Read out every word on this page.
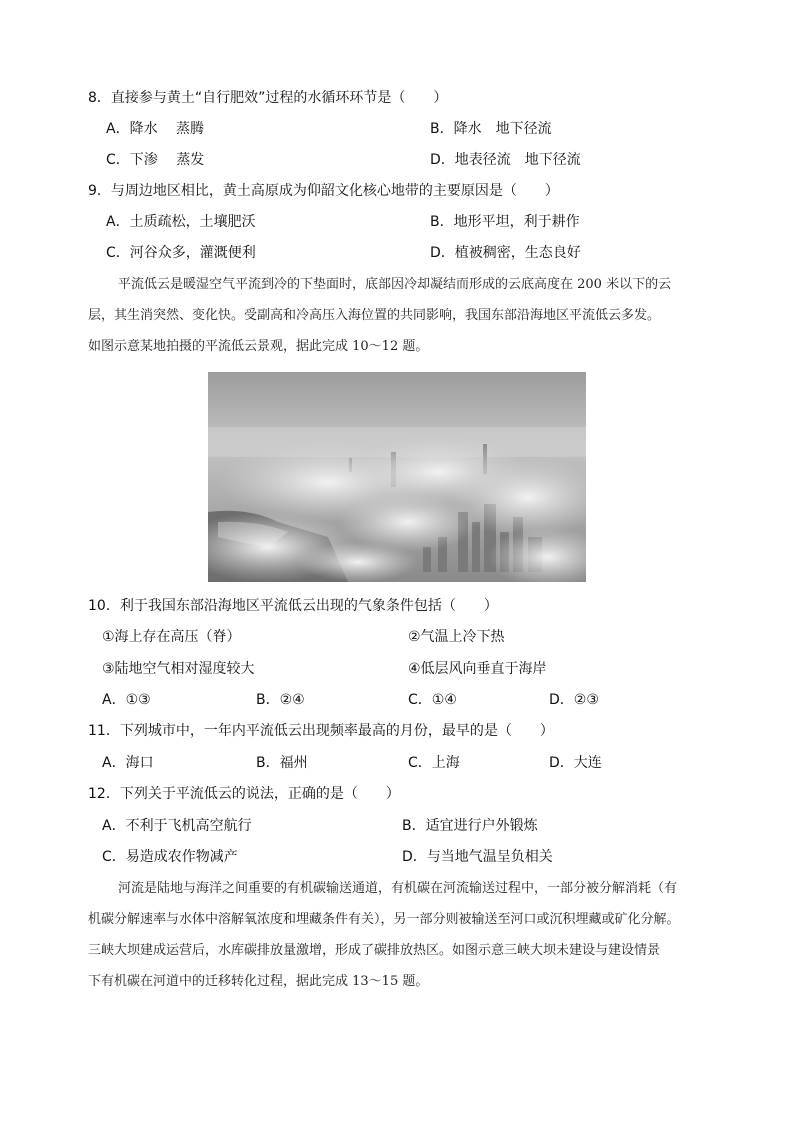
8．直接参与黄土“自行肥效”过程的水循环环节是（　　）
A．降水　 蒸腾	B．降水　地下径流
C．下渗　 蒸发	D．地表径流　地下径流
9．与周边地区相比，黄土高原成为仰韶文化核心地带的主要原因是（　　）
A．土质疏松，土壤肥沃	B．地形平坦，利于耕作
C．河谷众多，灌溉便利	D．植被稠密，生态良好
平流低云是暖湿空气平流到冷的下垫面时，底部因冷却凝结而形成的云底高度在 200 米以下的云
层，其生消突然、变化快。受副高和冷高压入海位置的共同影响，我国东部沿海地区平流低云多发。
如图示意某地拍摄的平流低云景观，据此完成 10～12 题。
10．利于我国东部沿海地区平流低云出现的气象条件包括（　　）
①海上存在高压（脊）	②气温上冷下热
③陆地空气相对湿度较大	④低层风向垂直于海岸
A．①③	B．②④	C．①④	D．②③
11．下列城市中，一年内平流低云出现频率最高的月份，最早的是（　　）
A．海口	B．福州	C．上海	D．大连
12．下列关于平流低云的说法，正确的是（　　）
A．不利于飞机高空航行	B．适宜进行户外锻炼
C．易造成农作物减产	D．与当地气温呈负相关
河流是陆地与海洋之间重要的有机碳输送通道，有机碳在河流输送过程中，一部分被分解消耗（有
机碳分解速率与水体中溶解氧浓度和埋藏条件有关），另一部分则被输送至河口或沉积埋藏或矿化分解。
三峡大坝建成运营后，水库碳排放量激增，形成了碳排放热区。如图示意三峡大坝未建设与建设情景
下有机碳在河道中的迁移转化过程，据此完成 13～15 题。
